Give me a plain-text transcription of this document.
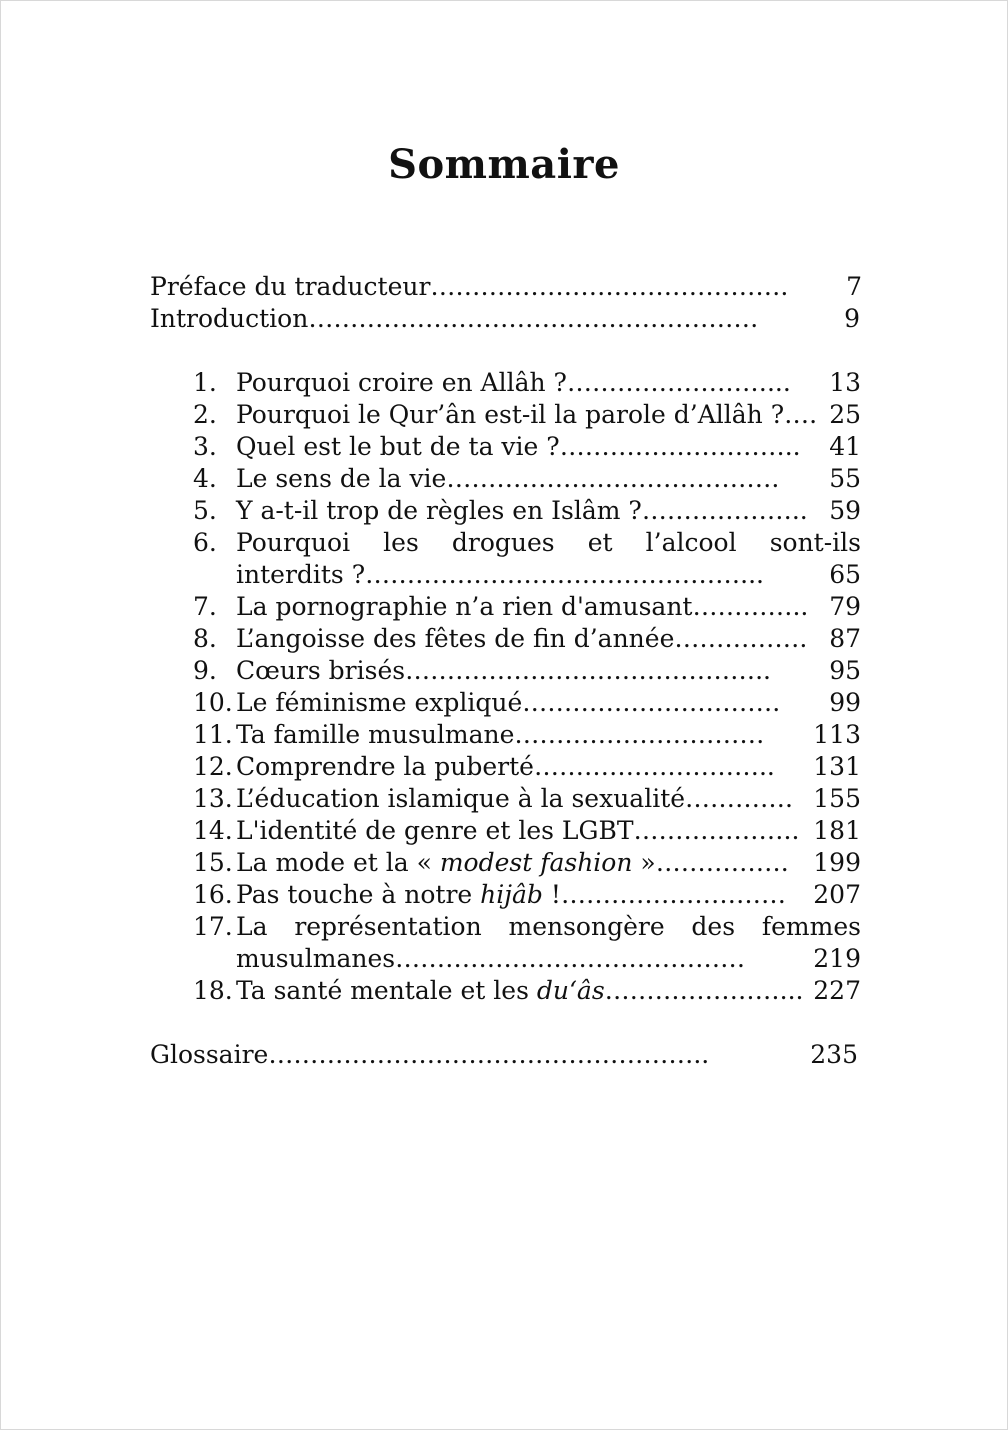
Sommaire
Préface du traducteur……………………………………. 7
Introduction………………………………………………	9
1. Pourquoi croire en Allâh ?……………………... 13
2. Pourquoi le Qur’ân est-il la parole d’Allâh ?…. 25
3. Quel est le but de ta vie ?……………………….. 41
4. Le sens de la vie…………………………………. 55
5. Y a-t-il trop de règles en Islâm ?……………….. 59
6. Pourquoi les drogues et l’alcool sont-ils
interdits ?………………………………………...	65
7. La pornographie n’a rien d'amusant………….. 79
8. L’angoisse des fêtes de fin d’année……………. 87
9. Cœurs brisés…………………………………….. 95
10. Le féminisme expliqué…………………………. 99
11. Ta famille musulmane………………………… 113
12. Comprendre la puberté……………………….. 131
13. L’éducation islamique à la sexualité…………. 155
14. L'identité de genre et les LGBT……………….. 181
15. La mode et la « modest fashion »……………. 199
16. Pas touche à notre hijâb !……………………… 207
17. La représentation mensongère des femmes
musulmanes……………………………………	219
18. Ta santé mentale et les du‘âs…………………... 227
Glossaire……………………………………………..	235
